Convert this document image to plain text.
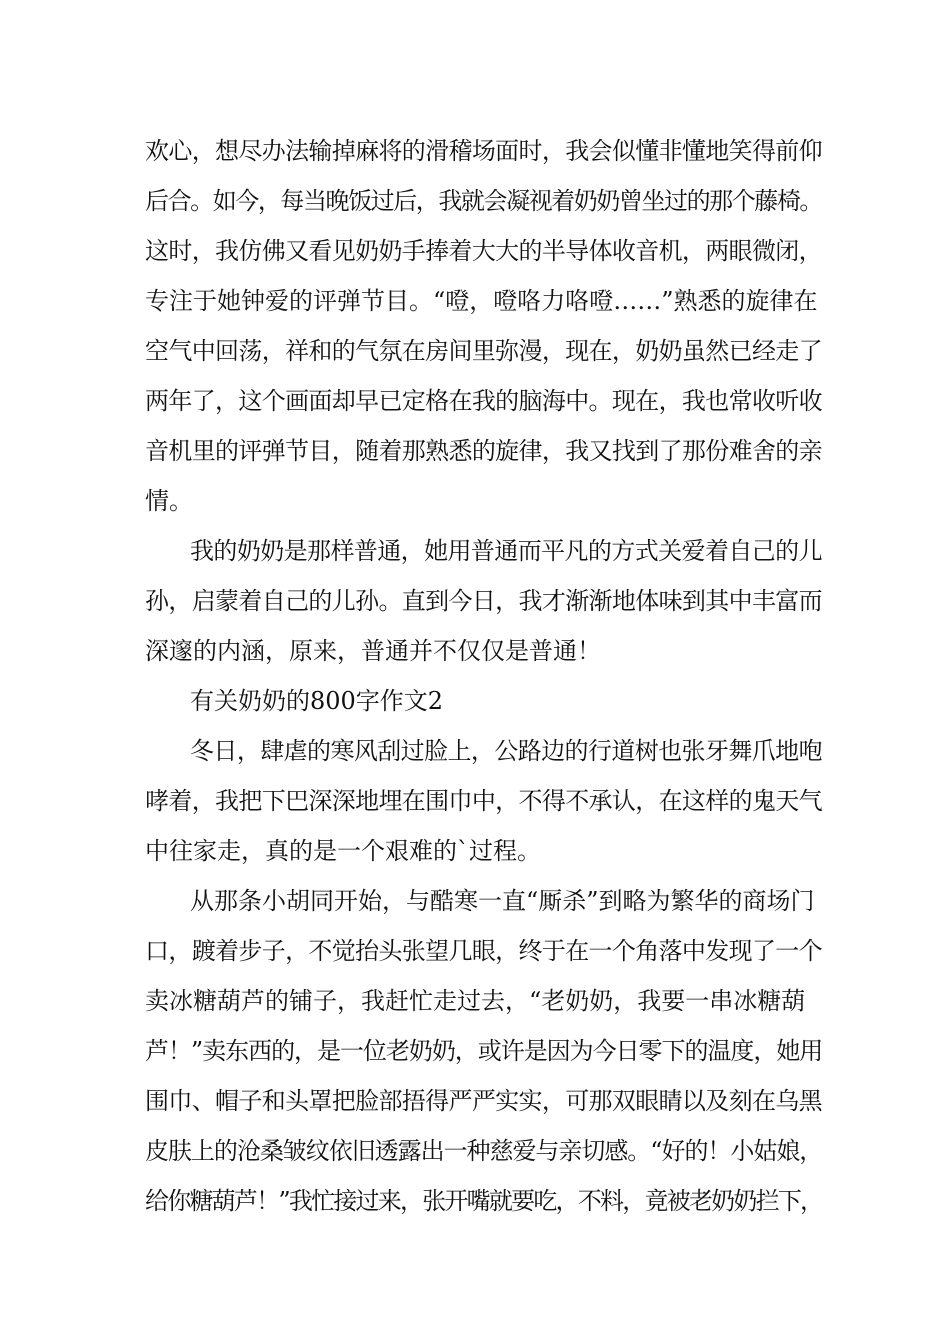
欢心，想尽办法输掉麻将的滑稽场面时，我会似懂非懂地笑得前仰
后合。如今，每当晚饭过后，我就会凝视着奶奶曾坐过的那个藤椅。
这时，我仿佛又看见奶奶手捧着大大的半导体收音机，两眼微闭，
专注于她钟爱的评弹节目。“噔，噔咯力咯噔……”熟悉的旋律在
空气中回荡，祥和的气氛在房间里弥漫，现在，奶奶虽然已经走了
两年了，这个画面却早已定格在我的脑海中。现在，我也常收听收
音机里的评弹节目，随着那熟悉的旋律，我又找到了那份难舍的亲
情。
我的奶奶是那样普通，她用普通而平凡的方式关爱着自己的儿
孙，启蒙着自己的儿孙。直到今日，我才渐渐地体味到其中丰富而
深邃的内涵，原来，普通并不仅仅是普通！
有关奶奶的800字作文2
冬日，肆虐的寒风刮过脸上，公路边的行道树也张牙舞爪地咆
哮着，我把下巴深深地埋在围巾中，不得不承认，在这样的鬼天气
中往家走，真的是一个艰难的`过程。
从那条小胡同开始，与酷寒一直“厮杀”到略为繁华的商场门
口，踱着步子，不觉抬头张望几眼，终于在一个角落中发现了一个
卖冰糖葫芦的铺子，我赶忙走过去，“老奶奶，我要一串冰糖葫
芦！”卖东西的，是一位老奶奶，或许是因为今日零下的温度，她用
围巾、帽子和头罩把脸部捂得严严实实，可那双眼睛以及刻在乌黑
皮肤上的沧桑皱纹依旧透露出一种慈爱与亲切感。“好的！小姑娘，
给你糖葫芦！”我忙接过来，张开嘴就要吃，不料，竟被老奶奶拦下，
